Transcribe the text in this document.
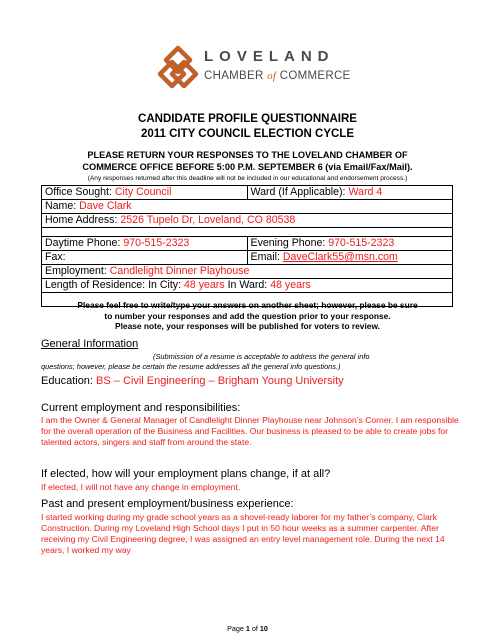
LOVELAND
CHAMBER of COMMERCE
CANDIDATE PROFILE QUESTIONNAIRE
2011 CITY COUNCIL ELECTION CYCLE
PLEASE RETURN YOUR RESPONSES TO THE LOVELAND CHAMBER OF
COMMERCE OFFICE BEFORE 5:00 P.M. SEPTEMBER 6 (via Email/Fax/Mail).
(Any responses returned after this deadline will not be included in our educational and endorsement process.)
Office Sought: City Council	Ward (If Applicable): Ward 4
Name: Dave Clark	
Home Address: 2526 Tupelo Dr, Loveland, CO 80538	

Daytime Phone: 970-515-2323	Evening Phone: 970-515-2323
Fax:	Email: DaveClark55@msn.com
Employment: Candlelight Dinner Playhouse	
Length of Residence: In City: 48 years In Ward: 48 years	

Please feel free to write/type your answers on another sheet; however, please be sure
to number your responses and add the question prior to your response.
Please note, your responses will be published for voters to review.
General Information
(Submission of a resume is acceptable to address the general info
questions; however, please be certain the resume addresses all the general info questions.)
Education: BS – Civil Engineering – Brigham Young University
Current employment and responsibilities:
I am the Owner & General Manager of Candlelight Dinner Playhouse near Johnson’s Corner. I am responsible for the overall operation of the Business and Facilities. Our business is pleased to be able to create jobs for talented actors, singers and staff from around the state.
If elected, how will your employment plans change, if at all?
If elected, I will not have any change in employment.
Past and present employment/business experience:
I started working during my grade school years as a shovel-ready laborer for my father’s company, Clark Construction. During my Loveland High School days I put in 50 hour weeks as a summer carpenter. After receiving my Civil Engineering degree, I was assigned an entry level management role. During the next 14 years, I worked my way
Page 1 of 10
